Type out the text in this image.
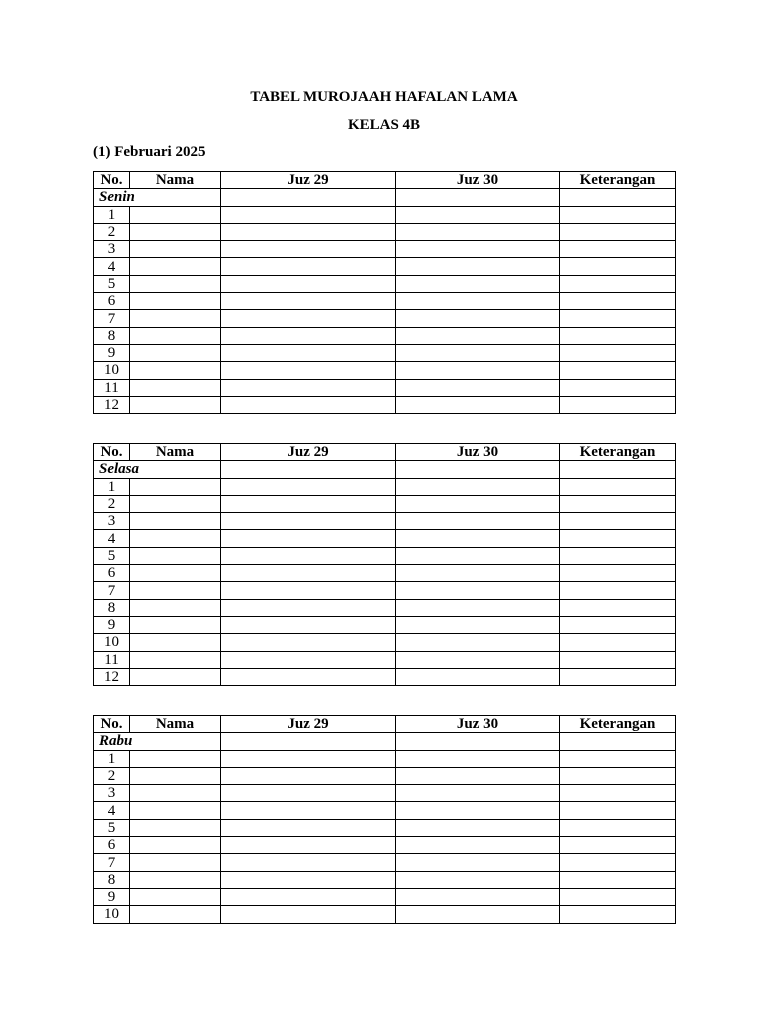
TABEL MUROJAAH HAFALAN LAMA
KELAS 4B
(1) Februari 2025
No.	Nama	Juz 29	Juz 30	Keterangan
Senin				
1				
2				
3				
4				
5				
6				
7				
8				
9				
10				
11				
12				
No.	Nama	Juz 29	Juz 30	Keterangan
Selasa				
1				
2				
3				
4				
5				
6				
7				
8				
9				
10				
11				
12				
No.	Nama	Juz 29	Juz 30	Keterangan
Rabu				
1				
2				
3				
4				
5				
6				
7				
8				
9				
10				
